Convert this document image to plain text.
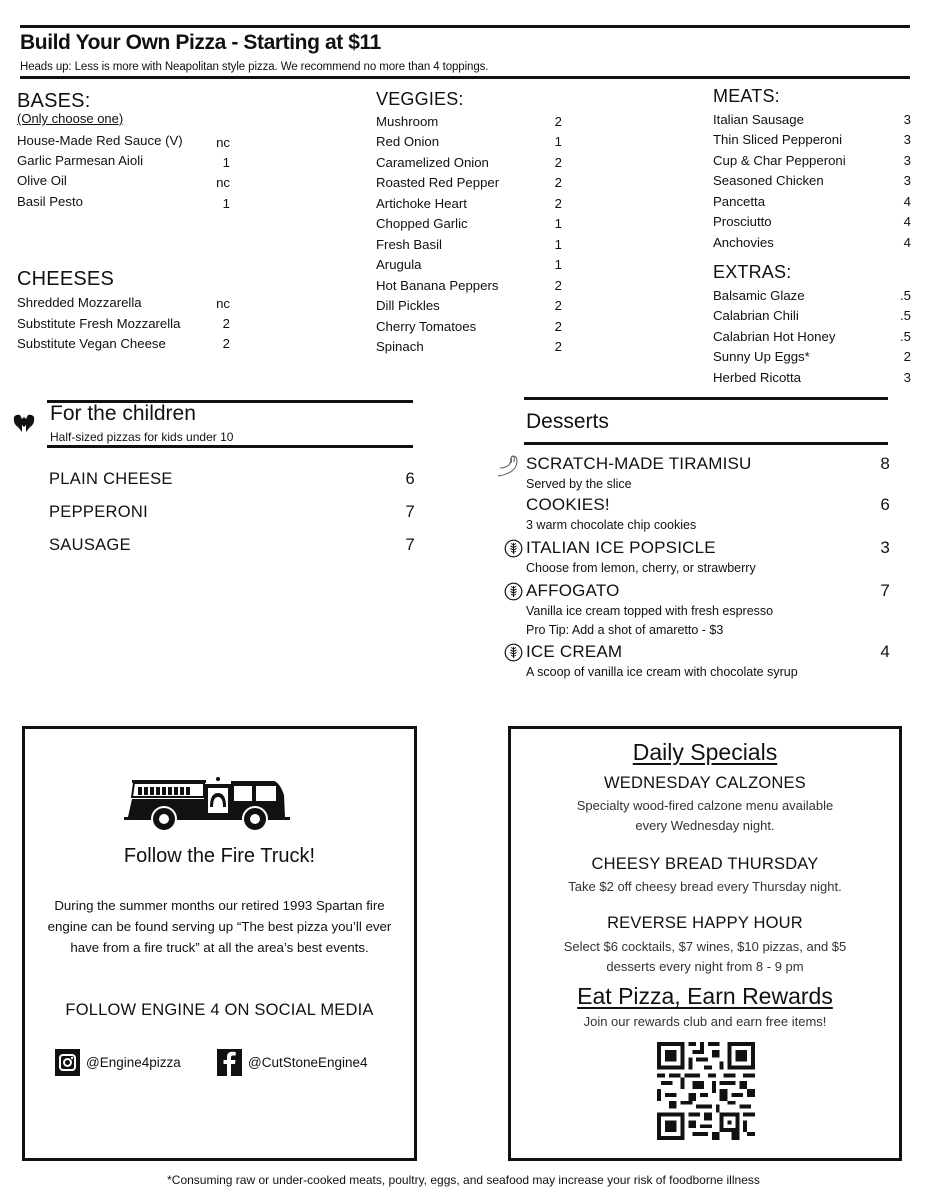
Build Your Own Pizza - Starting at $11
Heads up: Less is more with Neapolitan style pizza. We recommend no more than 4 toppings.
BASES:
(Only choose one)
House-Made Red Sauce (V)	nc
Garlic Parmesan Aioli	1
Olive Oil	nc
Basil Pesto	1
CHEESES
Shredded Mozzarella	nc
Substitute Fresh Mozzarella	2
Substitute Vegan Cheese	2
VEGGIES:
Mushroom	2
Red Onion	1
Caramelized Onion	2
Roasted Red Pepper	2
Artichoke Heart	2
Chopped Garlic	1
Fresh Basil	1
Arugula	1
Hot Banana Peppers	2
Dill Pickles	2
Cherry Tomatoes	2
Spinach	2
MEATS:
Italian Sausage	3
Thin Sliced Pepperoni	3
Cup & Char Pepperoni	3
Seasoned Chicken	3
Pancetta	4
Prosciutto	4
Anchovies	4
EXTRAS:
Balsamic Glaze	.5
Calabrian Chili	.5
Calabrian Hot Honey	.5
Sunny Up Eggs*	2
Herbed Ricotta	3
For the children
Half-sized pizzas for kids under 10
PLAIN CHEESE	6
PEPPERONI	7
SAUSAGE	7
Desserts
SCRATCH-MADE TIRAMISU	8
Served by the slice
COOKIES!	6
3 warm chocolate chip cookies
ITALIAN ICE POPSICLE	3
Choose from lemon, cherry, or strawberry
AFFOGATO	7
Vanilla ice cream topped with fresh espresso
Pro Tip: Add a shot of amaretto - $3
ICE CREAM	4
A scoop of vanilla ice cream with chocolate syrup
Follow the Fire Truck!
During the summer months our retired 1993 Spartan fire engine can be found serving up “The best pizza you’ll ever have from a fire truck” at all the area’s best events.
FOLLOW ENGINE 4 ON SOCIAL MEDIA
@Engine4pizza	@CutStoneEngine4
Daily Specials
WEDNESDAY CALZONES
Specialty wood-fired calzone menu available
every Wednesday night.
CHEESY BREAD THURSDAY
Take $2 off cheesy bread every Thursday night.
REVERSE HAPPY HOUR
Select $6 cocktails, $7 wines, $10 pizzas, and $5
desserts every night from 8 - 9 pm
Eat Pizza, Earn Rewards
Join our rewards club and earn free items!
*Consuming raw or under-cooked meats, poultry, eggs, and seafood may increase your risk of foodborne illness
